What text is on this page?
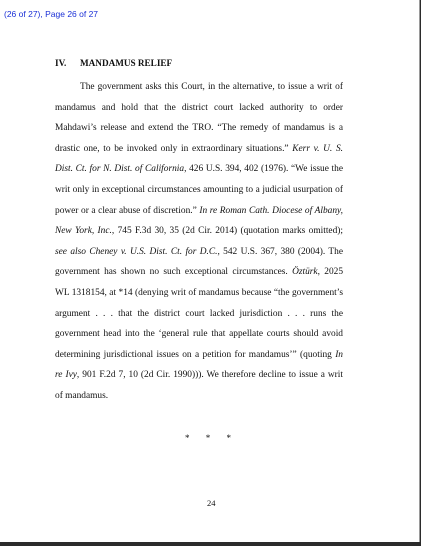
(26 of 27), Page 26 of 27
IV. MANDAMUS RELIEF

The government asks this Court, in the alternative, to issue a writ of mandamus and hold that the district court lacked authority to order Mahdawi’s release and extend the TRO. “The remedy of mandamus is a drastic one, to be invoked only in extraordinary situations.” Kerr v. U. S. Dist. Ct. for N. Dist. of California, 426 U.S. 394, 402 (1976). “We issue the writ only in exceptional circumstances amounting to a judicial usurpation of power or a clear abuse of discretion.” In re Roman Cath. Diocese of Albany, New York, Inc., 745 F.3d 30, 35 (2d Cir. 2014) (quotation marks omitted); see also Cheney v. U.S. Dist. Ct. for D.C., 542 U.S. 367, 380 (2004). The government has shown no such exceptional circumstances. Öztürk, 2025 WL 1318154, at *14 (denying writ of mandamus because “the government’s argument . . . that the district court lacked jurisdiction . . . runs the government head into the ‘general rule that appellate courts should avoid determining jurisdictional issues on a petition for mandamus’” (quoting In re Ivy, 901 F.2d 7, 10 (2d Cir. 1990))). We therefore decline to issue a writ of mandamus.

* * *
24
